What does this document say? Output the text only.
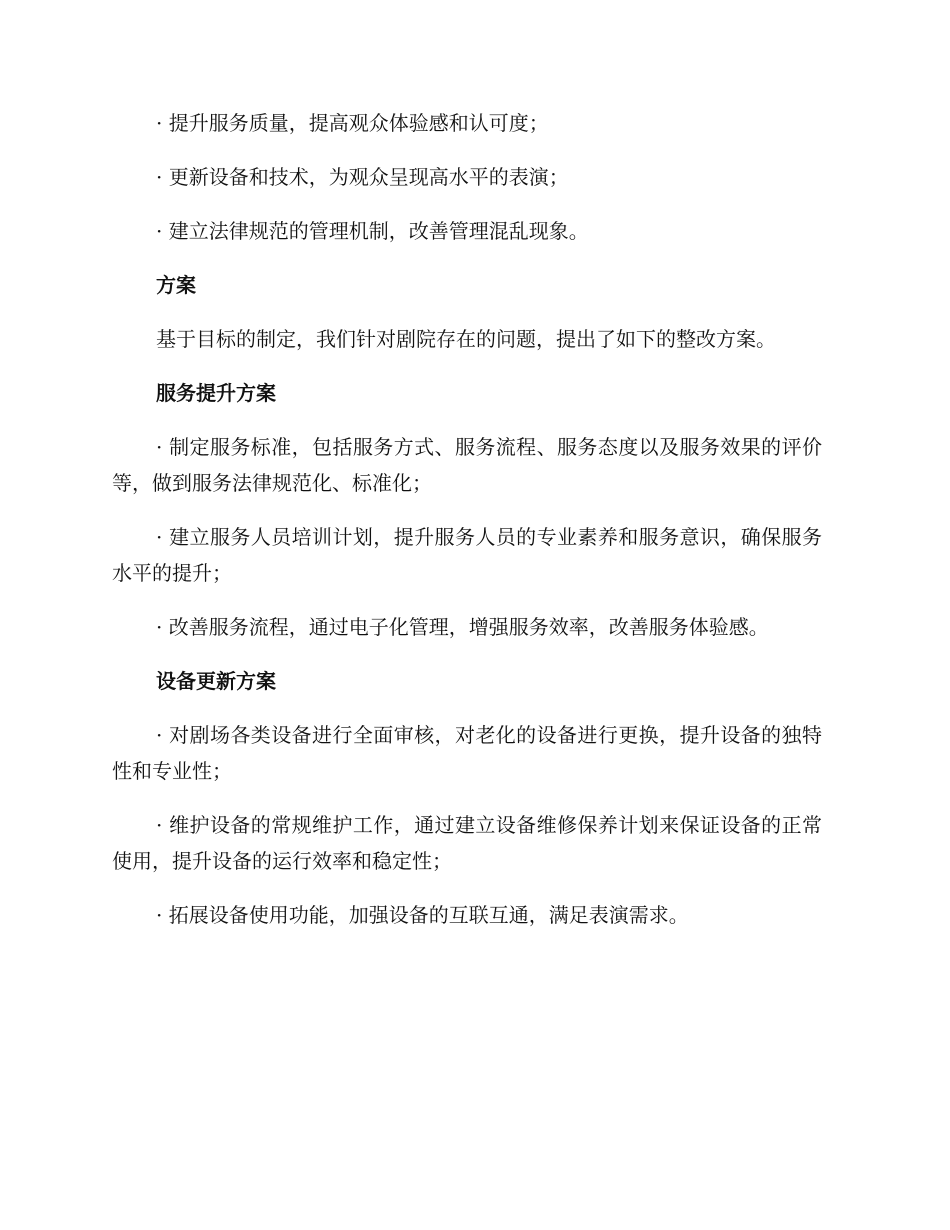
· 提升服务质量，提高观众体验感和认可度；

· 更新设备和技术，为观众呈现高水平的表演；

· 建立法律规范的管理机制，改善管理混乱现象。

方案

基于目标的制定，我们针对剧院存在的问题，提出了如下的整改方案。

服务提升方案

· 制定服务标准，包括服务方式、服务流程、服务态度以及服务效果的评价等，做到服务法律规范化、标准化；

· 建立服务人员培训计划，提升服务人员的专业素养和服务意识，确保服务水平的提升；

· 改善服务流程，通过电子化管理，增强服务效率，改善服务体验感。

设备更新方案

· 对剧场各类设备进行全面审核，对老化的设备进行更换，提升设备的独特性和专业性；

· 维护设备的常规维护工作，通过建立设备维修保养计划来保证设备的正常使用，提升设备的运行效率和稳定性；

· 拓展设备使用功能，加强设备的互联互通，满足表演需求。
